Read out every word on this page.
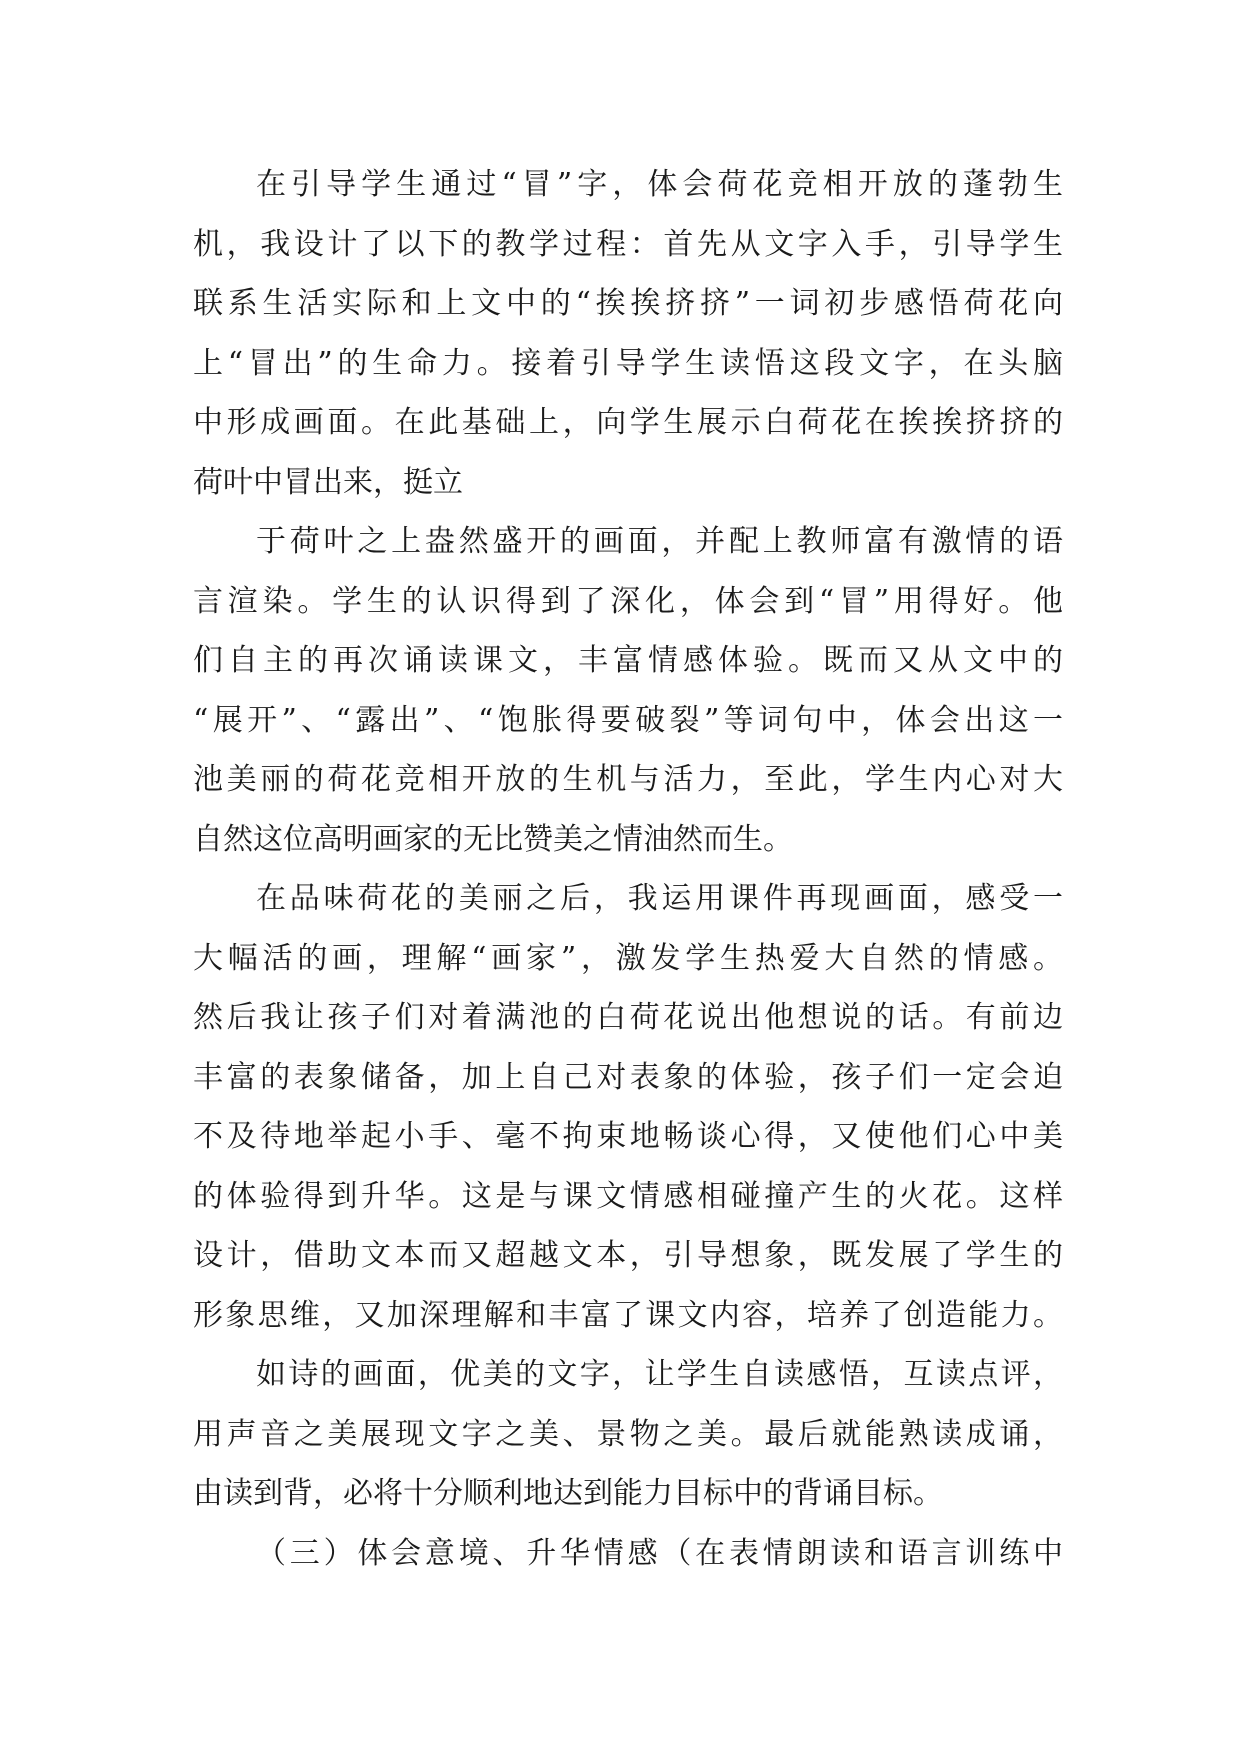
在引导学生通过“冒”字，体会荷花竞相开放的蓬勃生
机，我设计了以下的教学过程：首先从文字入手，引导学生
联系生活实际和上文中的“挨挨挤挤”一词初步感悟荷花向
上“冒出”的生命力。接着引导学生读悟这段文字，在头脑
中形成画面。在此基础上，向学生展示白荷花在挨挨挤挤的
荷叶中冒出来，挺立
于荷叶之上盎然盛开的画面，并配上教师富有激情的语
言渲染。学生的认识得到了深化，体会到“冒”用得好。他
们自主的再次诵读课文，丰富情感体验。既而又从文中的
“展开”、“露出”、“饱胀得要破裂”等词句中，体会出这一
池美丽的荷花竞相开放的生机与活力，至此，学生内心对大
自然这位高明画家的无比赞美之情油然而生。
在品味荷花的美丽之后，我运用课件再现画面，感受一
大幅活的画，理解“画家”，激发学生热爱大自然的情感。
然后我让孩子们对着满池的白荷花说出他想说的话。有前边
丰富的表象储备，加上自己对表象的体验，孩子们一定会迫
不及待地举起小手、毫不拘束地畅谈心得，又使他们心中美
的体验得到升华。这是与课文情感相碰撞产生的火花。这样
设计，借助文本而又超越文本，引导想象，既发展了学生的
形象思维，又加深理解和丰富了课文内容，培养了创造能力。
如诗的画面，优美的文字，让学生自读感悟，互读点评，
用声音之美展现文字之美、景物之美。最后就能熟读成诵，
由读到背，必将十分顺利地达到能力目标中的背诵目标。
（三）体会意境、升华情感（在表情朗读和语言训练中
